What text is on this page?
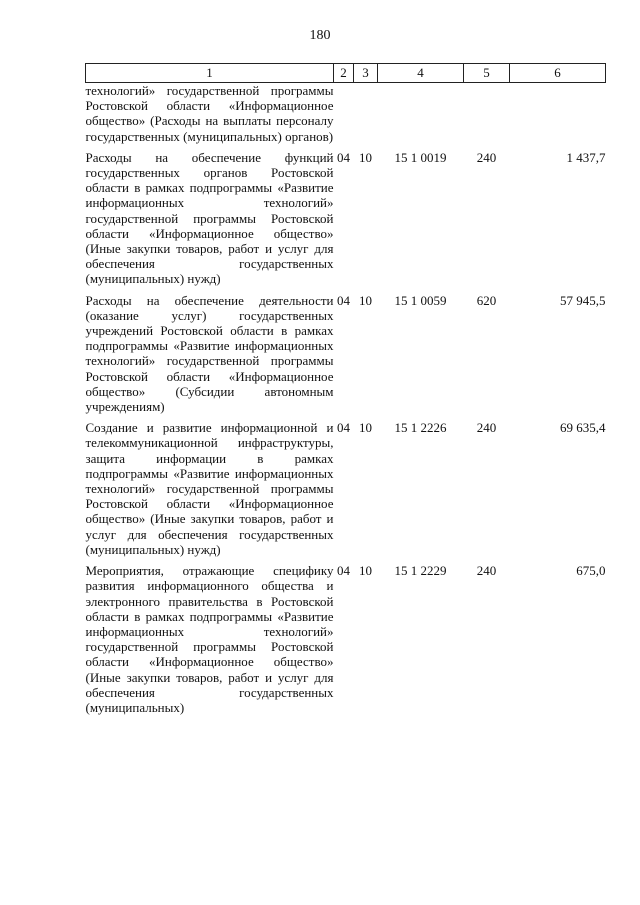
180
1	2	3	4	5	6
технологий» государственной программы Ростовской области «Информационное общество» (Расходы на выплаты персоналу государственных (муниципальных) органов)					
Расходы на обеспечение функций государственных органов Ростовской области в рамках подпрограммы «Развитие информационных технологий» государственной программы Ростовской области «Информационное общество» (Иные закупки товаров, работ и услуг для обеспечения государственных (муниципальных) нужд)	04	10	15 1 0019	240	1 437,7
Расходы на обеспечение деятельности (оказание услуг) государственных учреждений Ростовской области в рамках подпрограммы «Развитие информационных технологий» государственной программы Ростовской области «Информационное общество» (Субсидии автономным учреждениям)	04	10	15 1 0059	620	57 945,5
Создание и развитие информационной и телекоммуникационной инфраструктуры, защита информации в рамках подпрограммы «Развитие информационных технологий» государственной программы Ростовской области «Информационное общество» (Иные закупки товаров, работ и услуг для обеспечения государственных (муниципальных) нужд)	04	10	15 1 2226	240	69 635,4
Мероприятия, отражающие специфику развития информационного общества и электронного правительства в Ростовской области в рамках подпрограммы «Развитие информационных технологий» государственной программы Ростовской области «Информационное общество» (Иные закупки товаров, работ и услуг для обеспечения государственных (муниципальных)	04	10	15 1 2229	240	675,0
